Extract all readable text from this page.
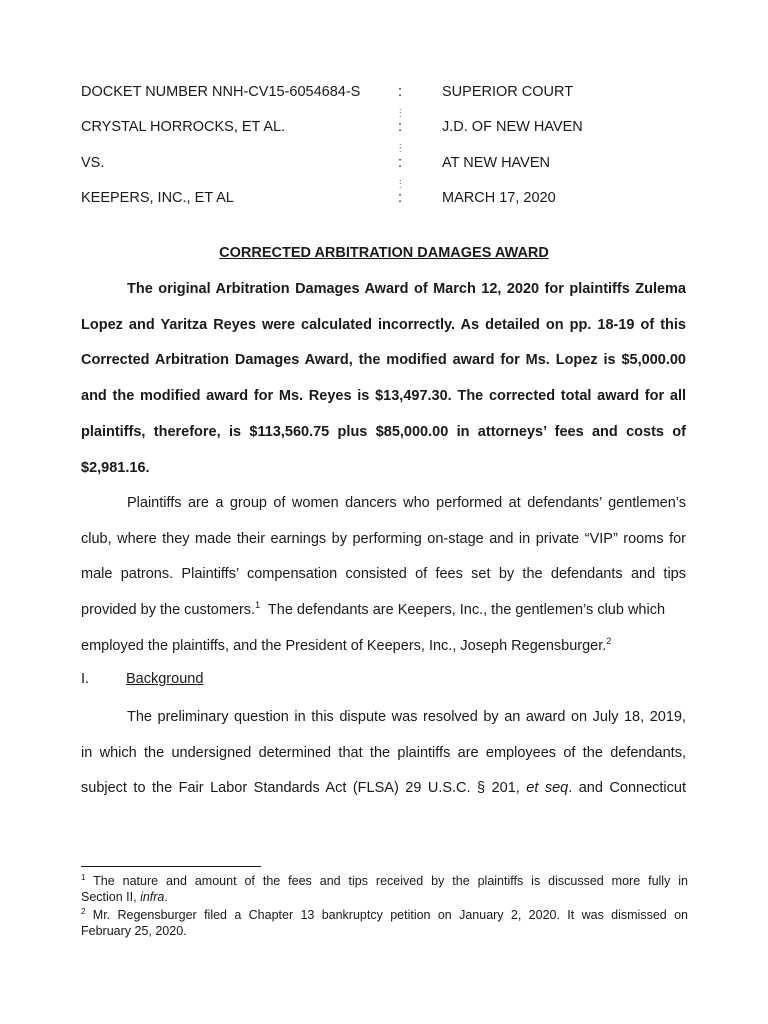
DOCKET NUMBER NNH-CV15-6054684-S	:	SUPERIOR COURT
.
:
CRYSTAL HORROCKS, ET AL.	:	J.D. OF NEW HAVEN
.
:
VS.	:	AT NEW HAVEN
.
:
KEEPERS, INC., ET AL	:	MARCH 17, 2020
CORRECTED ARBITRATION DAMAGES AWARD
The original Arbitration Damages Award of March 12, 2020 for plaintiffs Zulema
Lopez and Yaritza Reyes were calculated incorrectly. As detailed on pp. 18-19 of this
Corrected Arbitration Damages Award, the modified award for Ms. Lopez is $5,000.00
and the modified award for Ms. Reyes is $13,497.30. The corrected total award for all
plaintiffs, therefore, is $113,560.75 plus $85,000.00 in attorneys’ fees and costs of
$2,981.16.
Plaintiffs are a group of women dancers who performed at defendants’ gentlemen’s
club, where they made their earnings by performing on-stage and in private “VIP” rooms for
male patrons. Plaintiffs’ compensation consisted of fees set by the defendants and tips
provided by the customers.$^1$  The defendants are Keepers, Inc., the gentlemen’s club which
employed the plaintiffs, and the President of Keepers, Inc., Joseph Regensburger.$^2$
I.	Background
The preliminary question in this dispute was resolved by an award on July 18, 2019,
in which the undersigned determined that the plaintiffs are employees of the defendants,
subject to the Fair Labor Standards Act (FLSA) 29 U.S.C. § 201, et seq. and Connecticut
$^1$ The nature and amount of the fees and tips received by the plaintiffs is discussed more fully in
Section II, infra.
$^2$ Mr. Regensburger filed a Chapter 13 bankruptcy petition on January 2, 2020. It was dismissed on
February 25, 2020.
